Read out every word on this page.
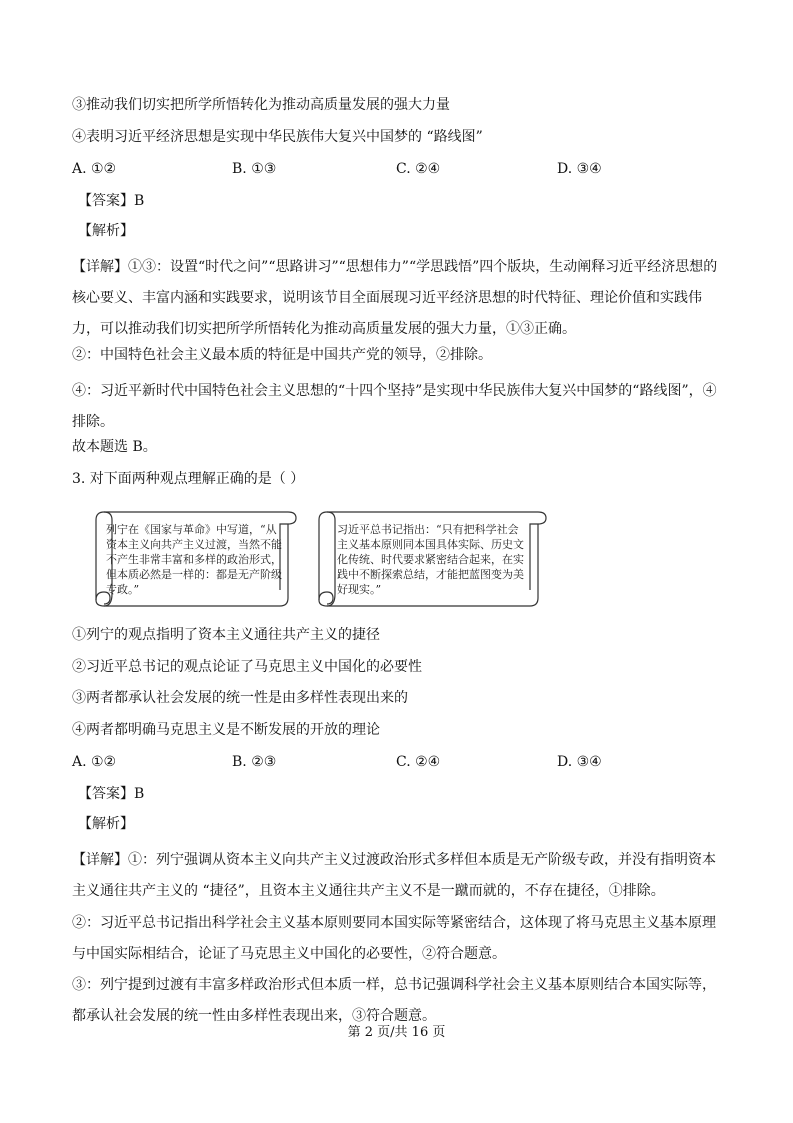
③推动我们切实把所学所悟转化为推动高质量发展的强大力量
④表明习近平经济思想是实现中华民族伟大复兴中国梦的 “路线图”
A. ①②	B. ①③	C. ②④	D. ③④
【答案】B
【解析】
【详解】①③：设置“时代之问”“思路讲习”“思想伟力”“学思践悟”四个版块，生动阐释习近平经济思想的核心要义、丰富内涵和实践要求，说明该节目全面展现习近平经济思想的时代特征、理论价值和实践伟力，可以推动我们切实把所学所悟转化为推动高质量发展的强大力量，①③正确。
②：中国特色社会主义最本质的特征是中国共产党的领导，②排除。
④：习近平新时代中国特色社会主义思想的“十四个坚持”是实现中华民族伟大复兴中国梦的“路线图”，④排除。
故本题选 B。
3. 对下面两种观点理解正确的是（ ）
列宁在《国家与革命》中写道，“从资本主义向共产主义过渡，当然不能不产生非常丰富和多样的政治形式，但本质必然是一样的：都是无产阶级专政。”
习近平总书记指出：“只有把科学社会主义基本原则同本国具体实际、历史文化传统、时代要求紧密结合起来，在实践中不断探索总结，才能把蓝图变为美好现实。”
①列宁的观点指明了资本主义通往共产主义的捷径
②习近平总书记的观点论证了马克思主义中国化的必要性
③两者都承认社会发展的统一性是由多样性表现出来的
④两者都明确马克思主义是不断发展的开放的理论
A. ①②	B. ②③	C. ②④	D. ③④
【答案】B
【解析】
【详解】①：列宁强调从资本主义向共产主义过渡政治形式多样但本质是无产阶级专政，并没有指明资本主义通往共产主义的 “捷径”，且资本主义通往共产主义不是一蹴而就的，不存在捷径，①排除。
②：习近平总书记指出科学社会主义基本原则要同本国实际等紧密结合，这体现了将马克思主义基本原理与中国实际相结合，论证了马克思主义中国化的必要性，②符合题意。
③：列宁提到过渡有丰富多样政治形式但本质一样，总书记强调科学社会主义基本原则结合本国实际等，都承认社会发展的统一性由多样性表现出来，③符合题意。
第 2 页/共 16 页
